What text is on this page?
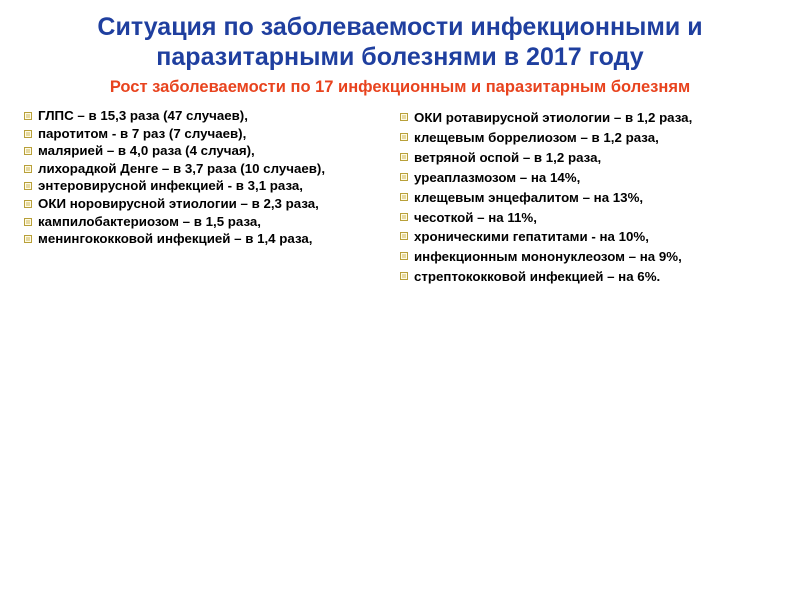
Ситуация по заболеваемости инфекционными и паразитарными болезнями в 2017 году
Рост заболеваемости по 17 инфекционным и паразитарным болезням
ГЛПС – в 15,3 раза (47 случаев),
паротитом - в 7 раз (7 случаев),
малярией – в 4,0 раза (4 случая),
лихорадкой Денге – в 3,7 раза (10 случаев),
энтеровирусной инфекцией - в 3,1 раза,
ОКИ норовирусной этиологии – в 2,3 раза,
кампилобактериозом – в 1,5 раза,
менингококковой инфекцией – в 1,4 раза,
ОКИ ротавирусной этиологии – в 1,2 раза,
клещевым боррелиозом – в 1,2 раза,
ветряной оспой – в 1,2 раза,
уреаплазмозом – на 14%,
клещевым энцефалитом – на 13%,
чесоткой – на 11%,
хроническими гепатитами - на 10%,
инфекционным мононуклеозом – на 9%,
стрептококковой инфекцией – на 6%.
